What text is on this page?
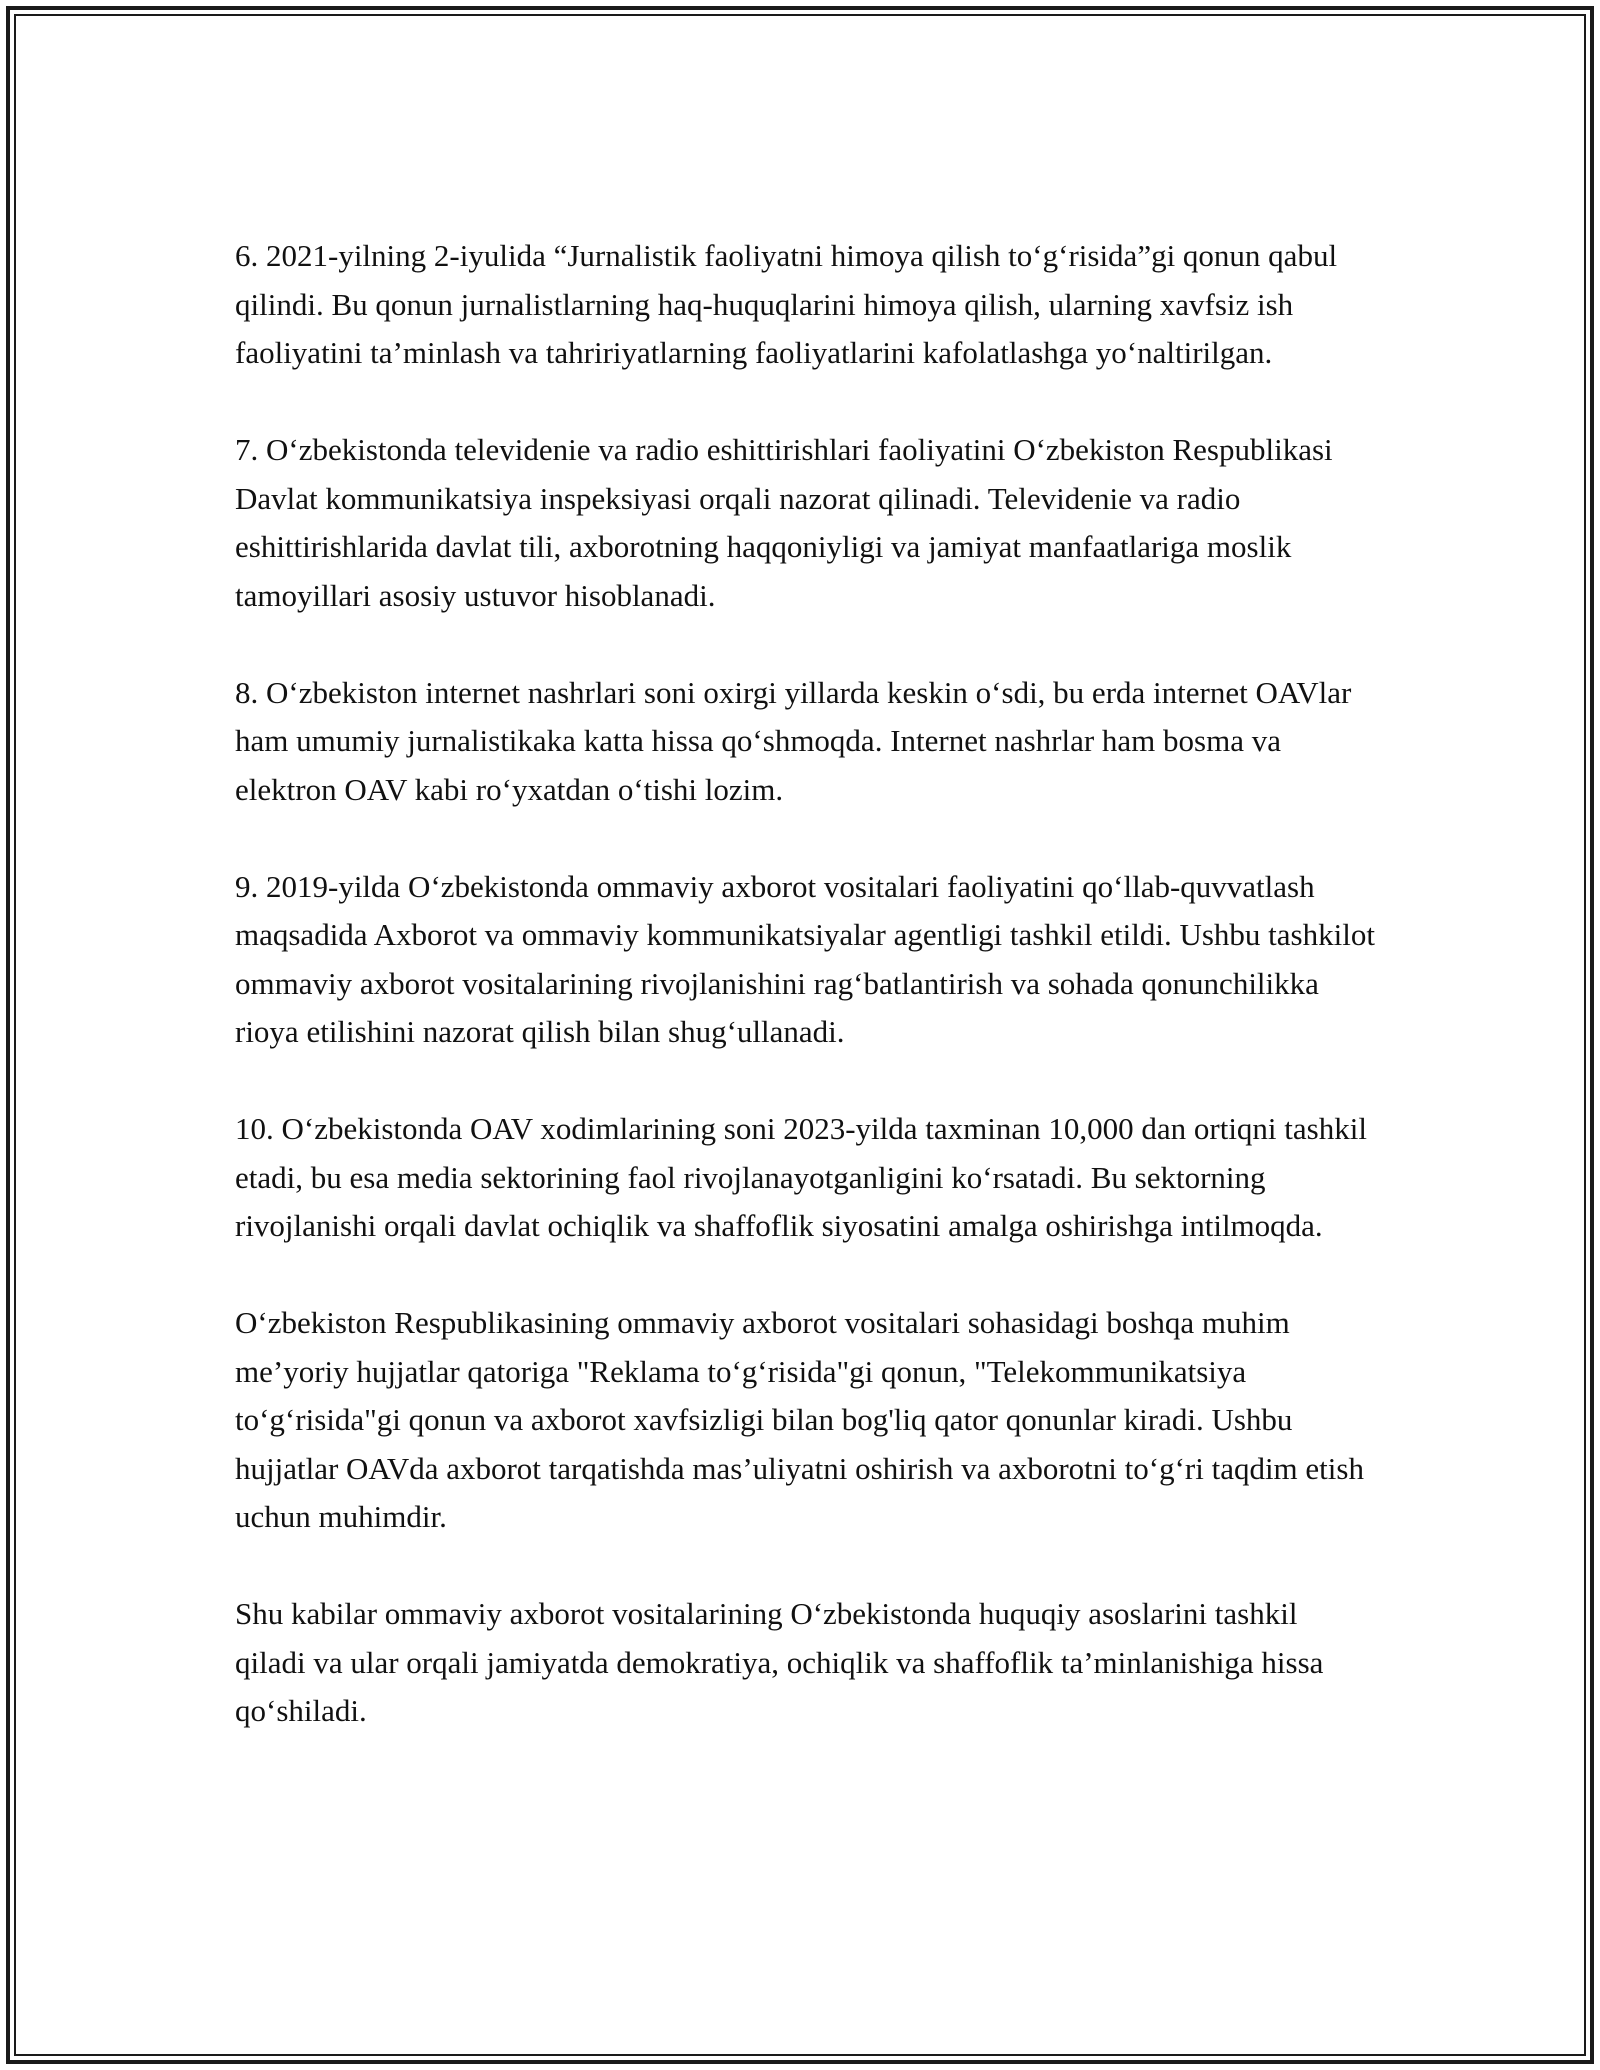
6. 2021-yilning 2-iyulida “Jurnalistik faoliyatni himoya qilish to‘g‘risida”gi qonun qabul qilindi. Bu qonun jurnalistlarning haq-huquqlarini himoya qilish, ularning xavfsiz ish faoliyatini ta’minlash va tahririyatlarning faoliyatlarini kafolatlashga yo‘naltirilgan.

7. O‘zbekistonda televidenie va radio eshittirishlari faoliyatini O‘zbekiston Respublikasi Davlat kommunikatsiya inspeksiyasi orqali nazorat qilinadi. Televidenie va radio eshittirishlarida davlat tili, axborotning haqqoniyligi va jamiyat manfaatlariga moslik tamoyillari asosiy ustuvor hisoblanadi.

8. O‘zbekiston internet nashrlari soni oxirgi yillarda keskin o‘sdi, bu erda internet OAVlar ham umumiy jurnalistikaka katta hissa qo‘shmoqda. Internet nashrlar ham bosma va elektron OAV kabi ro‘yxatdan o‘tishi lozim.

9. 2019-yilda O‘zbekistonda ommaviy axborot vositalari faoliyatini qo‘llab-quvvatlash maqsadida Axborot va ommaviy kommunikatsiyalar agentligi tashkil etildi. Ushbu tashkilot ommaviy axborot vositalarining rivojlanishini rag‘batlantirish va sohada qonunchilikka rioya etilishini nazorat qilish bilan shug‘ullanadi.

10. O‘zbekistonda OAV xodimlarining soni 2023-yilda taxminan 10,000 dan ortiqni tashkil etadi, bu esa media sektorining faol rivojlanayotganligini ko‘rsatadi. Bu sektorning rivojlanishi orqali davlat ochiqlik va shaffoflik siyosatini amalga oshirishga intilmoqda.

O‘zbekiston Respublikasining ommaviy axborot vositalari sohasidagi boshqa muhim me’yoriy hujjatlar qatoriga "Reklama to‘g‘risida"gi qonun, "Telekommunikatsiya to‘g‘risida"gi qonun va axborot xavfsizligi bilan bog'liq qator qonunlar kiradi. Ushbu hujjatlar OAVda axborot tarqatishda mas’uliyatni oshirish va axborotni to‘g‘ri taqdim etish uchun muhimdir.

Shu kabilar ommaviy axborot vositalarining O‘zbekistonda huquqiy asoslarini tashkil qiladi va ular orqali jamiyatda demokratiya, ochiqlik va shaffoflik ta’minlanishiga hissa qo‘shiladi.
